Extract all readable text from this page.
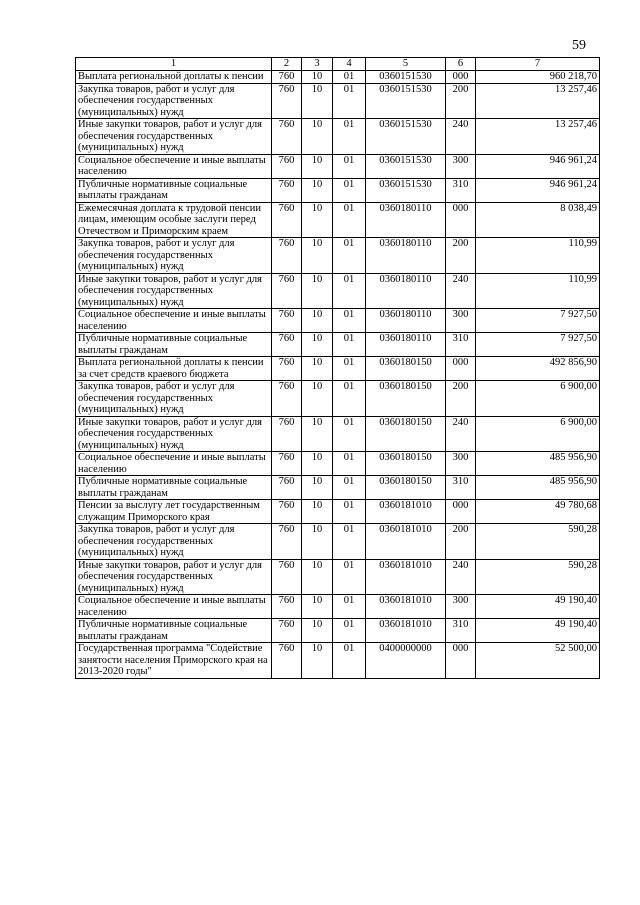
59
1	2	3	4	5	6	7
Выплата региональной доплаты к пенсии	760	10	01	0360151530	000	960 218,70
Закупка товаров, работ и услуг для обеспечения государственных (муниципальных) нужд	760	10	01	0360151530	200	13 257,46
Иные закупки товаров, работ и услуг для обеспечения государственных (муниципальных) нужд	760	10	01	0360151530	240	13 257,46
Социальное обеспечение и иные выплаты населению	760	10	01	0360151530	300	946 961,24
Публичные нормативные социальные выплаты гражданам	760	10	01	0360151530	310	946 961,24
Ежемесячная доплата к трудовой пенсии лицам, имеющим особые заслуги перед Отечеством и Приморским краем	760	10	01	0360180110	000	8 038,49
Закупка товаров, работ и услуг для обеспечения государственных (муниципальных) нужд	760	10	01	0360180110	200	110,99
Иные закупки товаров, работ и услуг для обеспечения государственных (муниципальных) нужд	760	10	01	0360180110	240	110,99
Социальное обеспечение и иные выплаты населению	760	10	01	0360180110	300	7 927,50
Публичные нормативные социальные выплаты гражданам	760	10	01	0360180110	310	7 927,50
Выплата региональной доплаты к пенсии за счет средств краевого бюджета	760	10	01	0360180150	000	492 856,90
Закупка товаров, работ и услуг для обеспечения государственных (муниципальных) нужд	760	10	01	0360180150	200	6 900,00
Иные закупки товаров, работ и услуг для обеспечения государственных (муниципальных) нужд	760	10	01	0360180150	240	6 900,00
Социальное обеспечение и иные выплаты населению	760	10	01	0360180150	300	485 956,90
Публичные нормативные социальные выплаты гражданам	760	10	01	0360180150	310	485 956,90
Пенсии за выслугу лет государственным служащим Приморского края	760	10	01	0360181010	000	49 780,68
Закупка товаров, работ и услуг для обеспечения государственных (муниципальных) нужд	760	10	01	0360181010	200	590,28
Иные закупки товаров, работ и услуг для обеспечения государственных (муниципальных) нужд	760	10	01	0360181010	240	590,28
Социальное обеспечение и иные выплаты населению	760	10	01	0360181010	300	49 190,40
Публичные нормативные социальные выплаты гражданам	760	10	01	0360181010	310	49 190,40
Государственная программа "Содействие занятости населения Приморского края на 2013-2020 годы"	760	10	01	0400000000	000	52 500,00
